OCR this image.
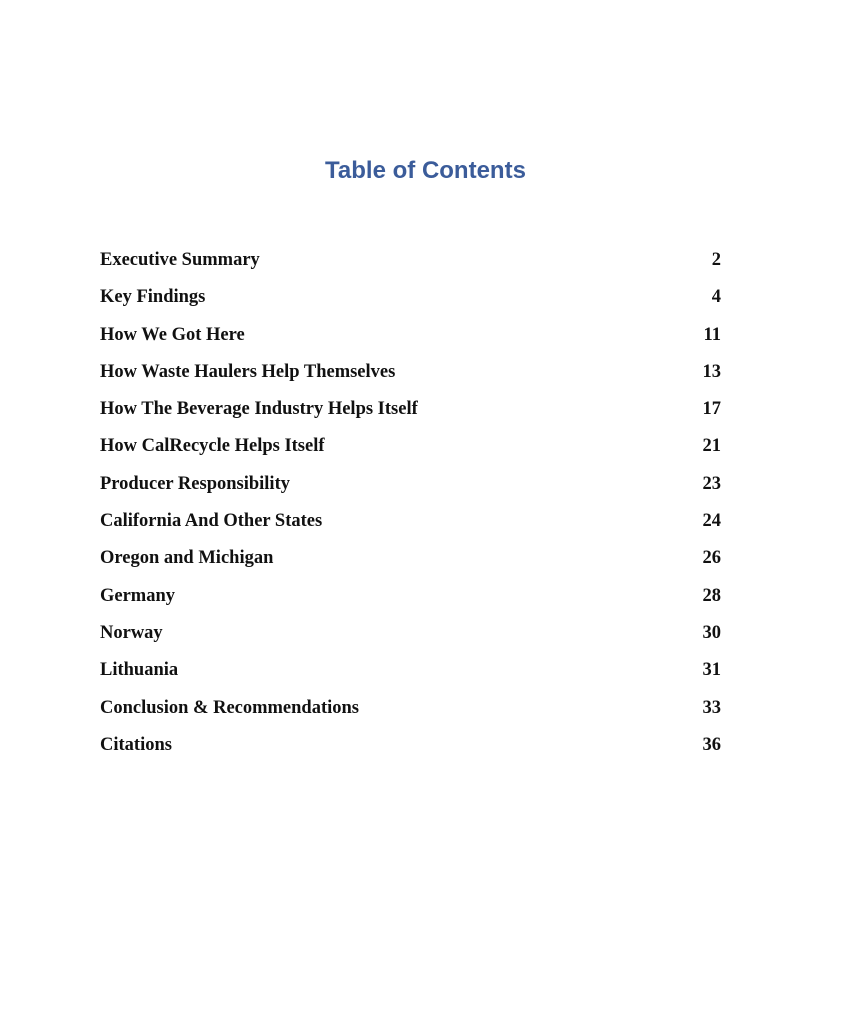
Table of Contents
Executive Summary	2
Key Findings	4
How We Got Here	11
How Waste Haulers Help Themselves	13
How The Beverage Industry Helps Itself	17
How CalRecycle Helps Itself	21
Producer Responsibility	23
California And Other States	24
Oregon and Michigan	26
Germany	28
Norway	30
Lithuania	31
Conclusion & Recommendations	33
Citations	36
